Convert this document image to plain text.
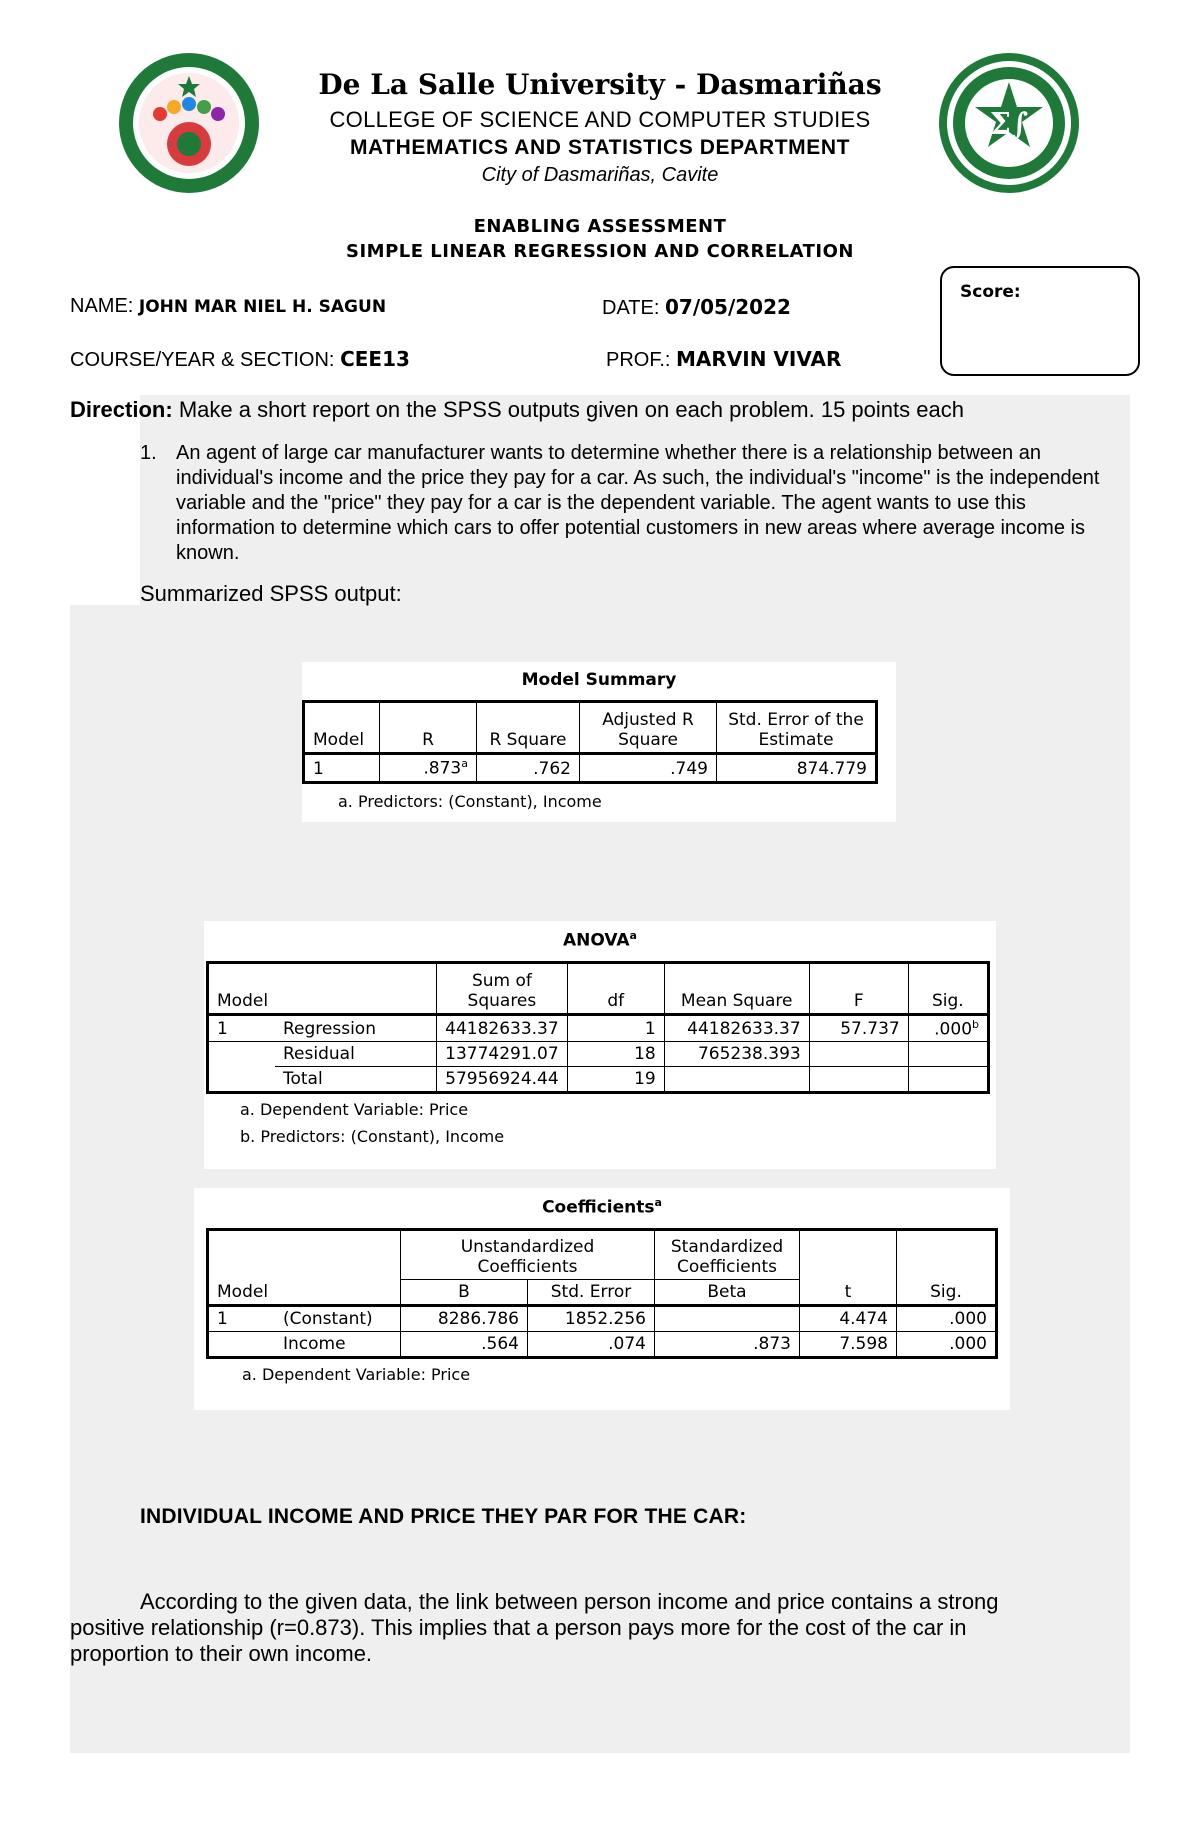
Σ∫
De La Salle University - Dasmariñas
COLLEGE OF SCIENCE AND COMPUTER STUDIES
MATHEMATICS AND STATISTICS DEPARTMENT
City of Dasmariñas, Cavite
ENABLING ASSESSMENT
SIMPLE LINEAR REGRESSION AND CORRELATION
NAME: JOHN MAR NIEL H. SAGUN	DATE: 07/05/2022
COURSE/YEAR & SECTION: CEE13	PROF.: MARVIN VIVAR
Score:
Direction: Make a short report on the SPSS outputs given on each problem. 15 points each
1. An agent of large car manufacturer wants to determine whether there is a relationship between an individual's income and the price they pay for a car. As such, the individual's "income" is the independent variable and the "price" they pay for a car is the dependent variable. The agent wants to use this information to determine which cars to offer potential customers in new areas where average income is known.
Summarized SPSS output:
Model Summary
Model	R	R Square	Adjusted R Square	Std. Error of the Estimate
1	.873$^a$	.762	.749	874.779
a. Predictors: (Constant), Income
ANOVA$^a$
Model		Sum of Squares	df	Mean Square	F	Sig.
1	Regression	44182633.37	1	44182633.37	57.737	.000$^b$
	Residual	13774291.07	18	765238.393		
	Total	57956924.44	19			
a. Dependent Variable: Price
b. Predictors: (Constant), Income
Coefficients$^a$
Model		Unstandardized Coefficients		Standardized Coefficients	t	Sig.
		B	Std. Error	Beta		
1	(Constant)	8286.786	1852.256		4.474	.000
	Income	.564	.074	.873	7.598	.000
a. Dependent Variable: Price
INDIVIDUAL INCOME AND PRICE THEY PAR FOR THE CAR:
According to the given data, the link between person income and price contains a strong positive relationship (r=0.873). This implies that a person pays more for the cost of the car in proportion to their own income.
